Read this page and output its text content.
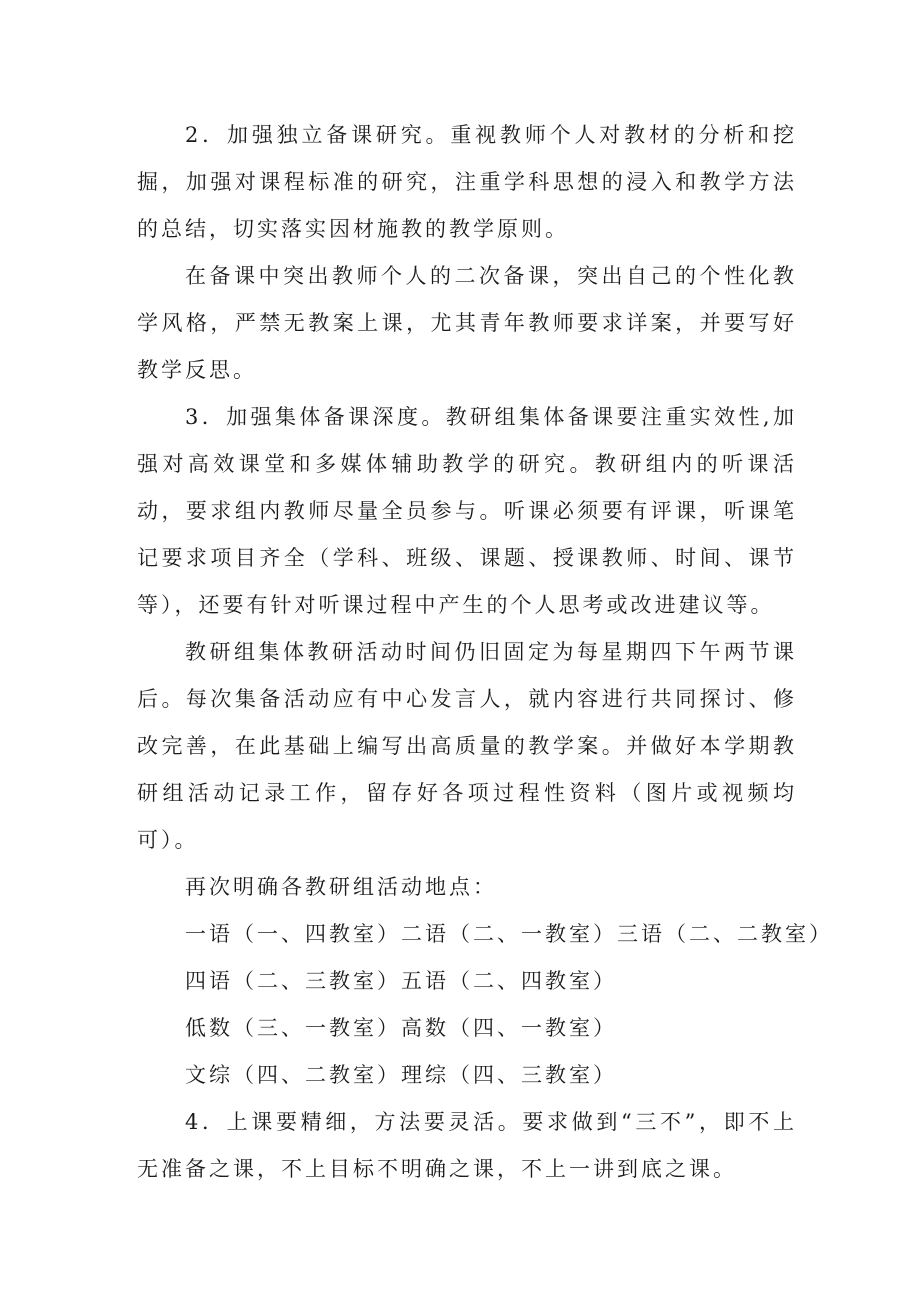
2．加强独立备课研究。重视教师个人对教材的分析和挖掘，加强对课程标准的研究，注重学科思想的浸入和教学方法的总结，切实落实因材施教的教学原则。

在备课中突出教师个人的二次备课，突出自己的个性化教学风格，严禁无教案上课，尤其青年教师要求详案，并要写好教学反思。

3．加强集体备课深度。教研组集体备课要注重实效性,加强对高效课堂和多媒体辅助教学的研究。教研组内的听课活动，要求组内教师尽量全员参与。听课必须要有评课，听课笔记要求项目齐全（学科、班级、课题、授课教师、时间、课节等），还要有针对听课过程中产生的个人思考或改进建议等。

教研组集体教研活动时间仍旧固定为每星期四下午两节课后。每次集备活动应有中心发言人，就内容进行共同探讨、修改完善，在此基础上编写出高质量的教学案。并做好本学期教研组活动记录工作，留存好各项过程性资料（图片或视频均可）。

再次明确各教研组活动地点：

一语（一、四教室）二语（二、一教室）三语（二、二教室）

四语（二、三教室）五语（二、四教室）

低数（三、一教室）高数（四、一教室）

文综（四、二教室）理综（四、三教室）

4．上课要精细，方法要灵活。要求做到“三不”，即不上无准备之课，不上目标不明确之课，不上一讲到底之课。
